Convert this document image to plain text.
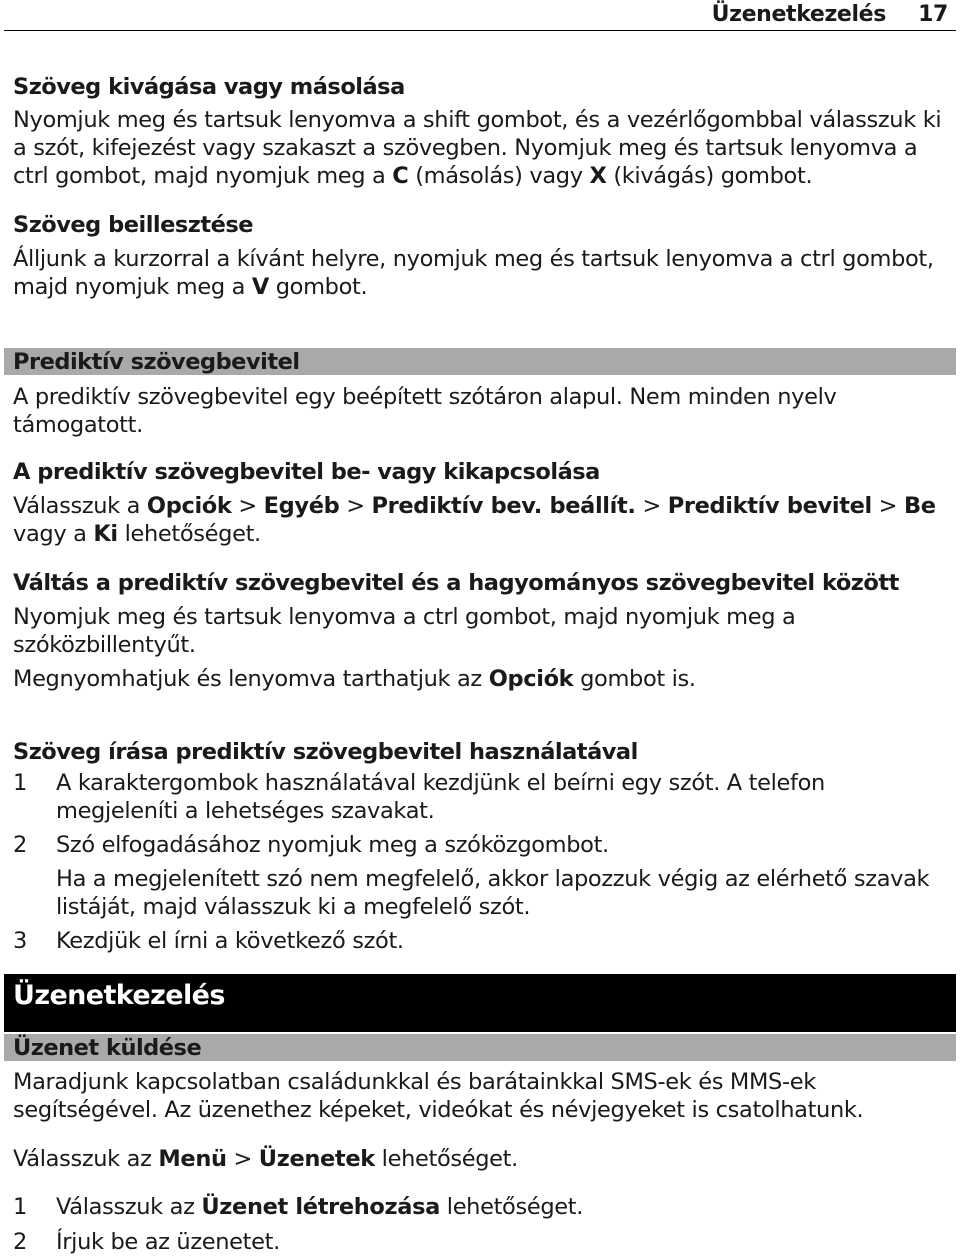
Üzenetkezelés 17

Szöveg kivágása vagy másolása

Nyomjuk meg és tartsuk lenyomva a shift gombot, és a vezérlőgombbal válasszuk ki a szót, kifejezést vagy szakaszt a szövegben. Nyomjuk meg és tartsuk lenyomva a ctrl gombot, majd nyomjuk meg a C (másolás) vagy X (kivágás) gombot.

Szöveg beillesztése

Álljunk a kurzorral a kívánt helyre, nyomjuk meg és tartsuk lenyomva a ctrl gombot, majd nyomjuk meg a V gombot.

Prediktív szövegbevitel

A prediktív szövegbevitel egy beépített szótáron alapul. Nem minden nyelv támogatott.

A prediktív szövegbevitel be- vagy kikapcsolása

Válasszuk a Opciók > Egyéb > Prediktív bev. beállít. > Prediktív bevitel > Be vagy a Ki lehetőséget.

Váltás a prediktív szövegbevitel és a hagyományos szövegbevitel között

Nyomjuk meg és tartsuk lenyomva a ctrl gombot, majd nyomjuk meg a szóközbillentyűt.

Megnyomhatjuk és lenyomva tarthatjuk az Opciók gombot is.

Szöveg írása prediktív szövegbevitel használatával

1 A karaktergombok használatával kezdjünk el beírni egy szót. A telefon megjeleníti a lehetséges szavakat.

2 Szó elfogadásához nyomjuk meg a szóközgombot.

Ha a megjelenített szó nem megfelelő, akkor lapozzuk végig az elérhető szavak listáját, majd válasszuk ki a megfelelő szót.

3 Kezdjük el írni a következő szót.

Üzenetkezelés
Üzenet küldése

Maradjunk kapcsolatban családunkkal és barátainkkal SMS-ek és MMS-ek segítségével. Az üzenethez képeket, videókat és névjegyeket is csatolhatunk.

Válasszuk az Menü > Üzenetek lehetőséget.

1 Válasszuk az Üzenet létrehozása lehetőséget.

2 Írjuk be az üzenetet.
